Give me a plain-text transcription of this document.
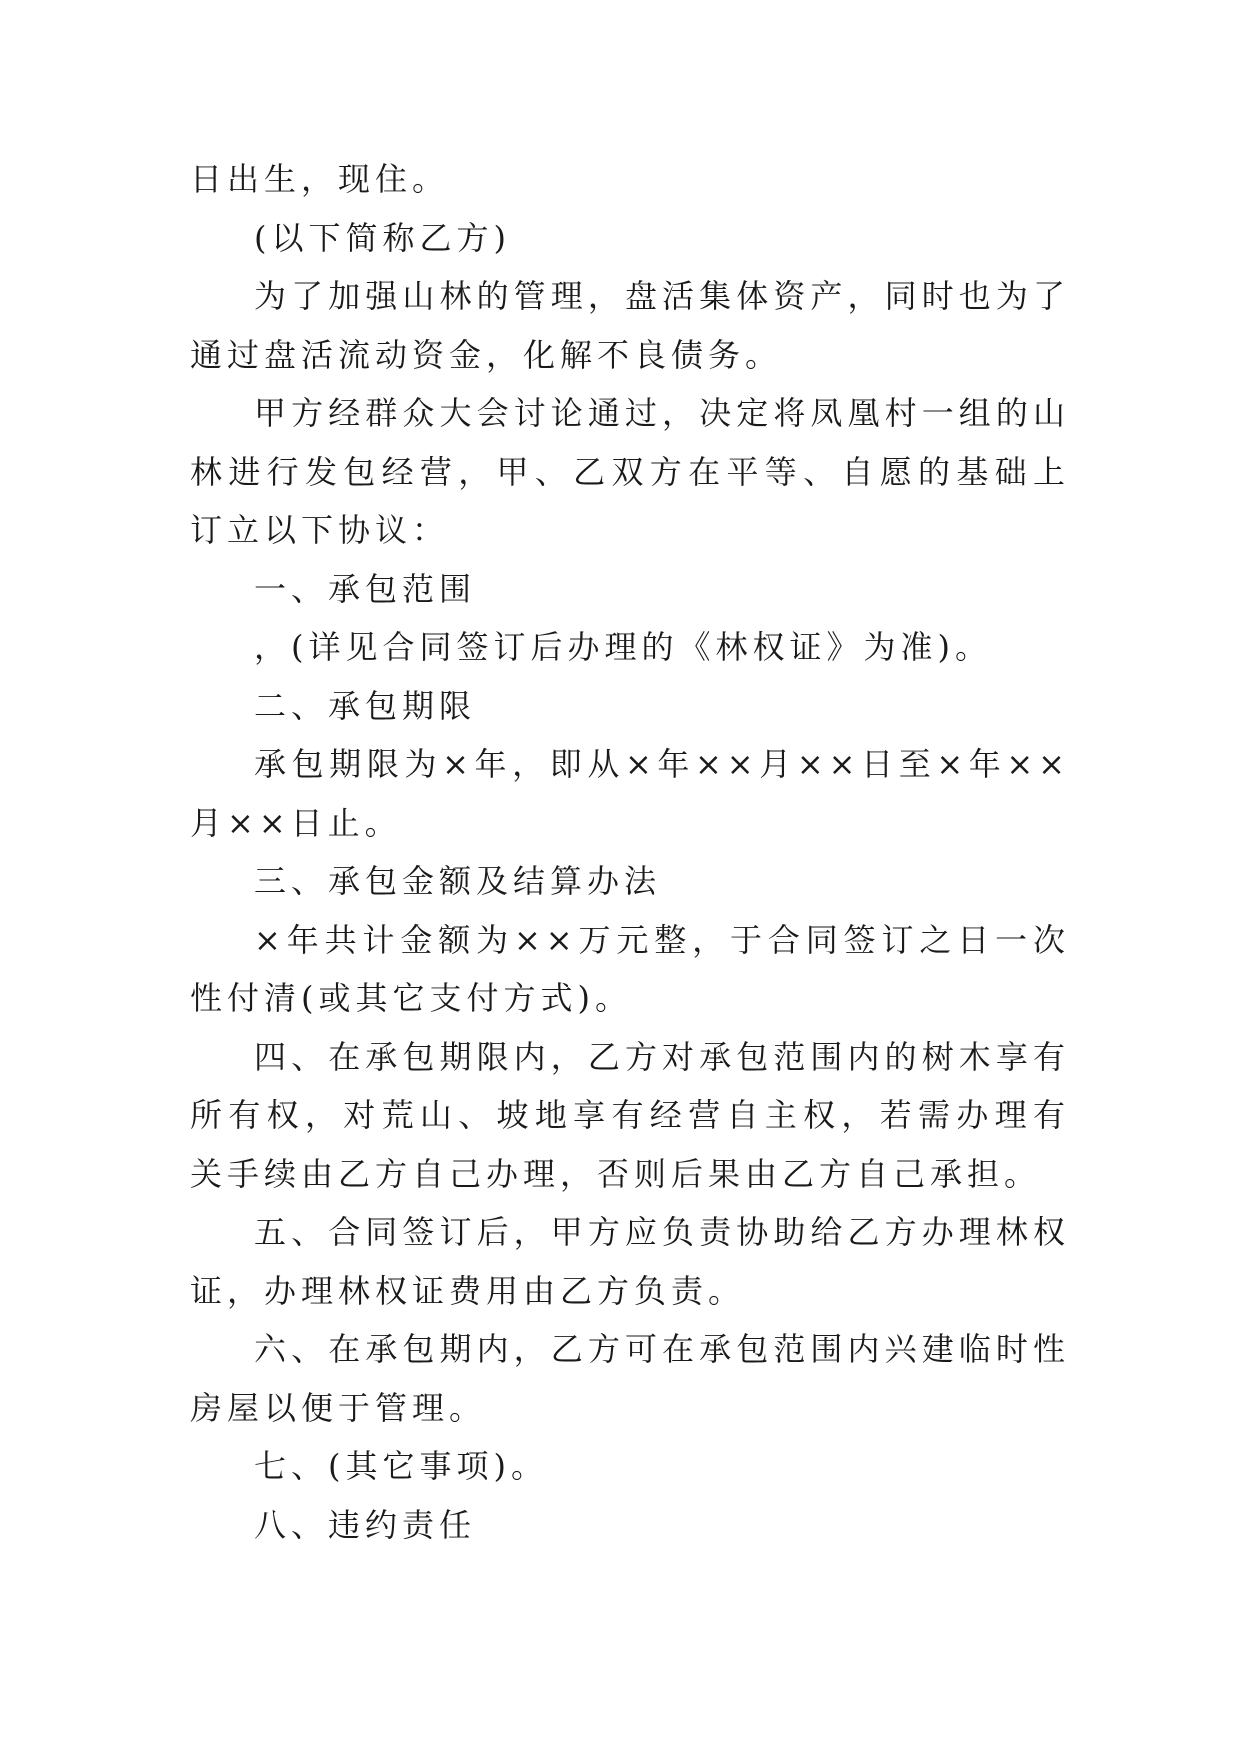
日出生，现住。

(以下简称乙方)

为了加强山林的管理，盘活集体资产，同时也为了通过盘活流动资金，化解不良债务。

甲方经群众大会讨论通过，决定将凤凰村一组的山林进行发包经营，甲、乙双方在平等、自愿的基础上订立以下协议：

一、承包范围

，(详见合同签订后办理的《林权证》为准)。

二、承包期限

承包期限为×年，即从×年××月××日至×年××月××日止。

三、承包金额及结算办法

×年共计金额为××万元整，于合同签订之日一次性付清(或其它支付方式)。

四、在承包期限内，乙方对承包范围内的树木享有所有权，对荒山、坡地享有经营自主权，若需办理有关手续由乙方自己办理，否则后果由乙方自己承担。

五、合同签订后，甲方应负责协助给乙方办理林权证，办理林权证费用由乙方负责。

六、在承包期内，乙方可在承包范围内兴建临时性房屋以便于管理。

七、(其它事项)。

八、违约责任
